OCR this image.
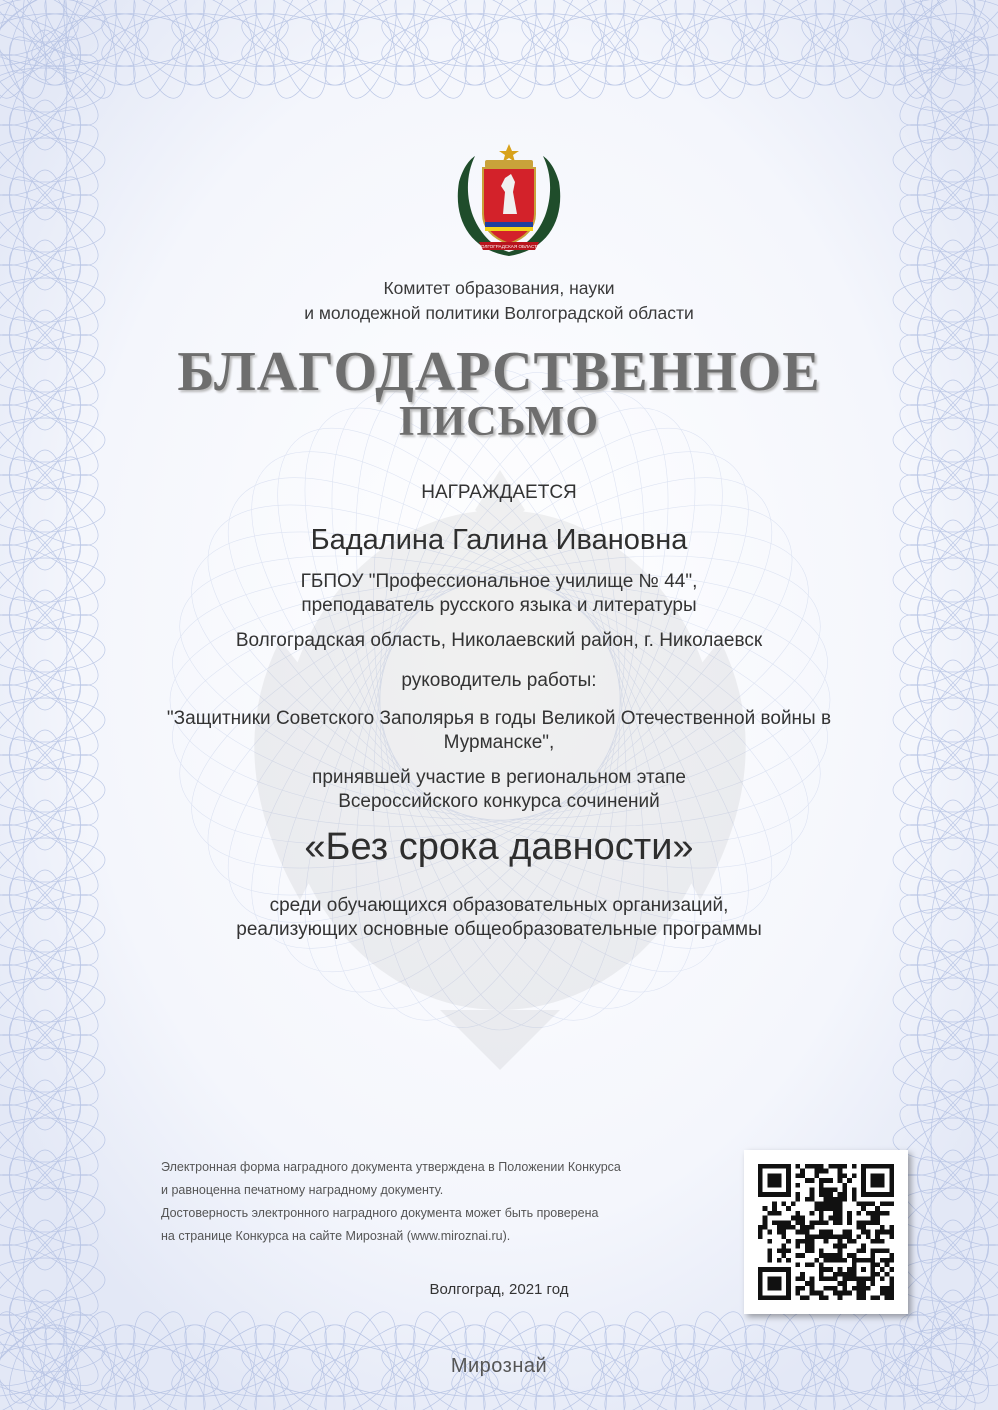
ВОЛГОГРАДСКАЯ ОБЛАСТЬ
Комитет образования, науки
и молодежной политики Волгоградской области
БЛАГОДАРСТВЕННОЕ
ПИСЬМО
НАГРАЖДАЕТСЯ
Бадалина Галина Ивановна
ГБПОУ "Профессиональное училище № 44",
преподаватель русского языка и литературы
Волгоградская область, Николаевский район, г. Николаевск
руководитель работы:
"Защитники Советского Заполярья в годы Великой Отечественной войны в
Мурманске",
принявшей участие в региональном этапе
Всероссийского конкурса сочинений
«Без срока давности»
среди обучающихся образовательных организаций,
реализующих основные общеобразовательные программы
Электронная форма наградного документа утверждена в Положении Конкурса
и равноценна печатному наградному документу.
Достоверность электронного наградного документа может быть проверена
на странице Конкурса на сайте Мирознай (www.miroznai.ru).
Волгоград, 2021 год
Мирознай
